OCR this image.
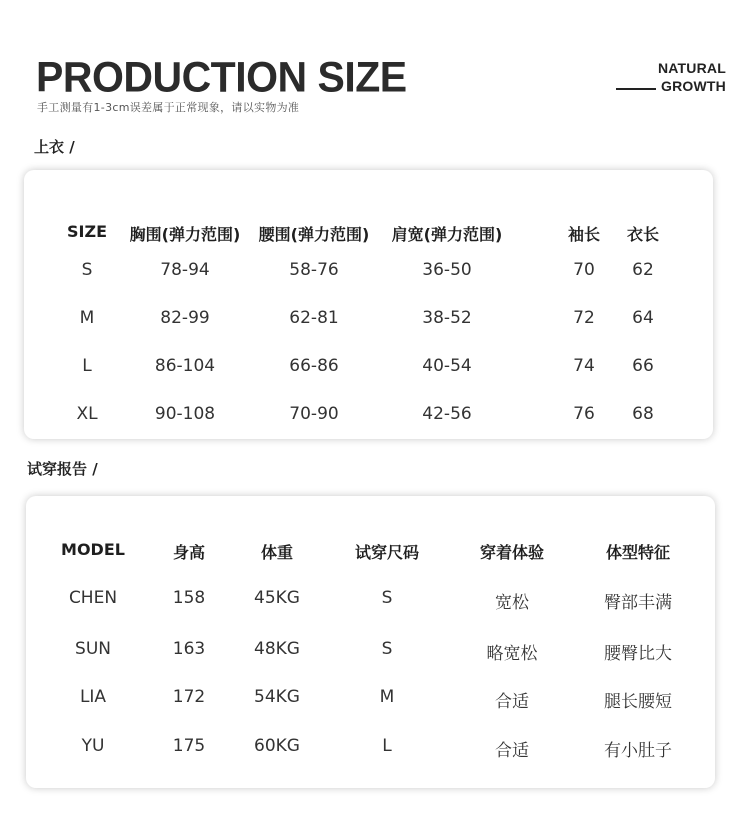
PRODUCTION SIZE
手工测量有1-3cm误差属于正常现象，请以实物为准
NATURAL
GROWTH
上衣 /
SIZE 胸围(弹力范围) 腰围(弹力范围) 肩宽(弹力范围)	袖长 衣长
S	78-94	58-76	36-50	70 62
M	82-99	62-81	38-52	72 64
L	86-104	66-86	40-54	74 66
XL	90-108	70-90	42-56	76 68
试穿报告 /
MODEL	身高	体重	试穿尺码	穿着体验	体型特征
CHEN	158	45KG	S	宽松	臀部丰满
SUN	163	48KG	S	略宽松	腰臀比大
LIA	172	54KG	M	合适	腿长腰短
YU	175	60KG	L	合适	有小肚子
